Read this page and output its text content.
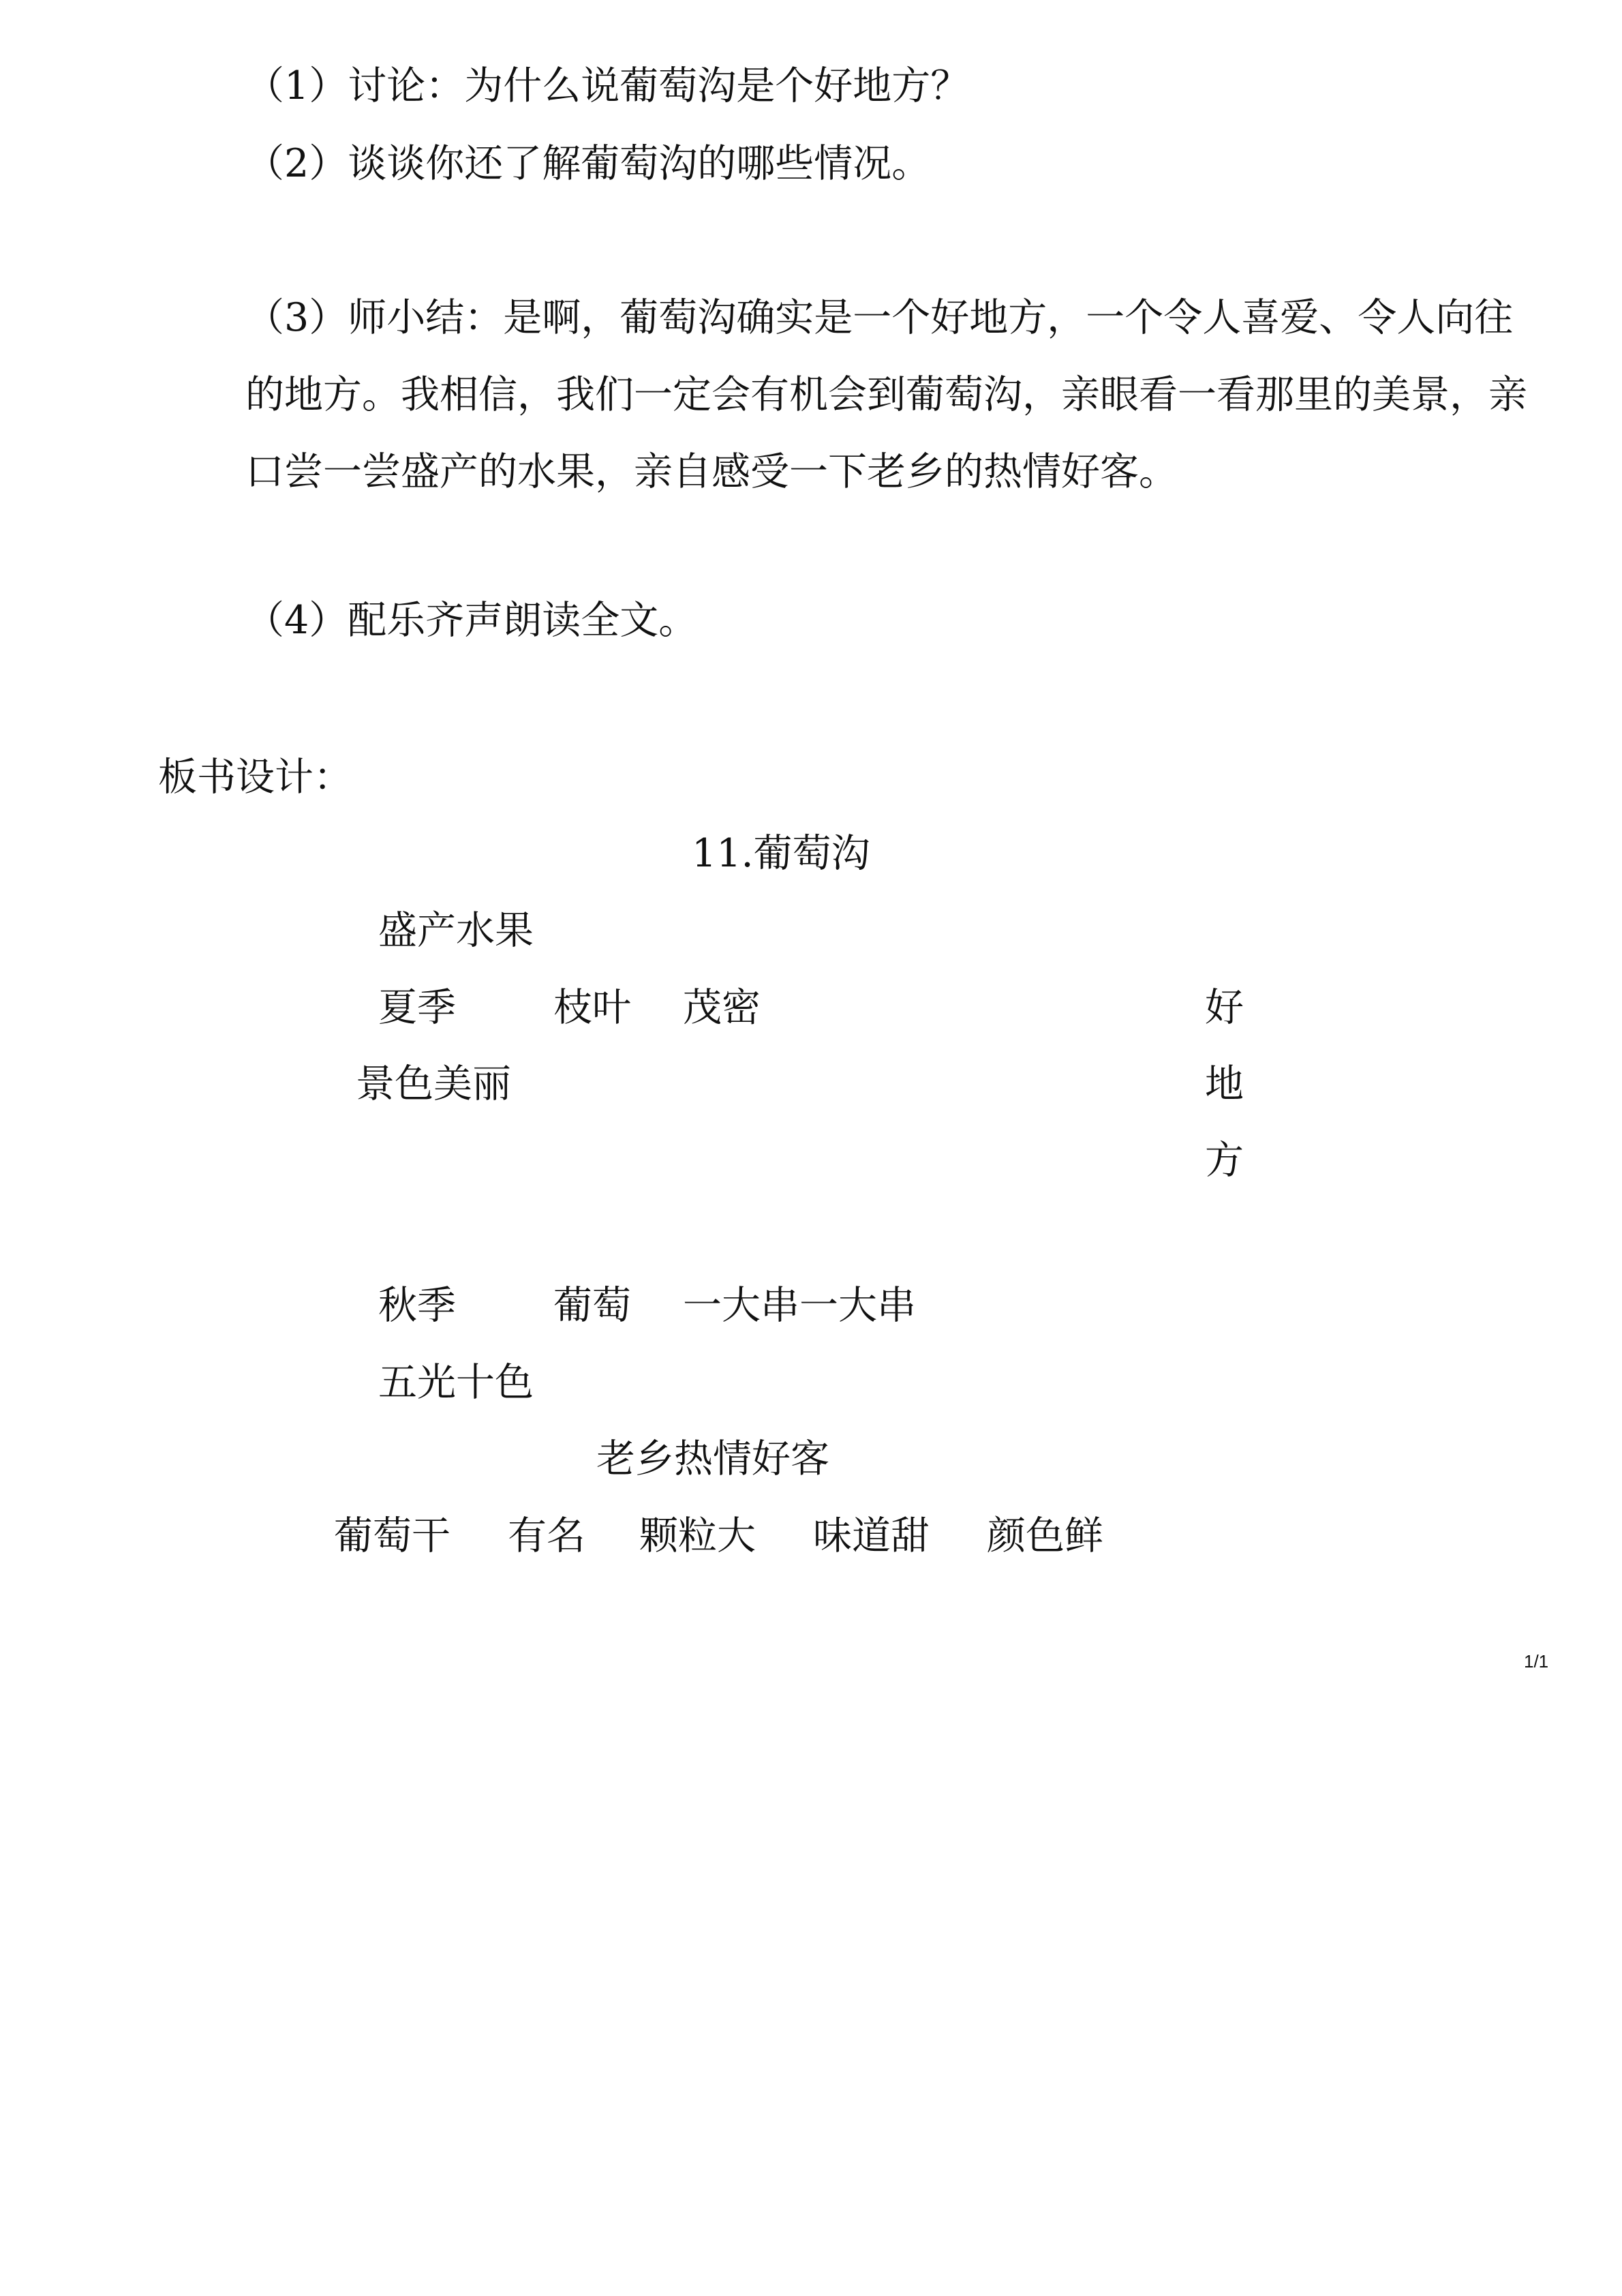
（1）讨论：为什么说葡萄沟是个好地方？
（2）谈谈你还了解葡萄沟的哪些情况。
（3）师小结：是啊，葡萄沟确实是一个好地方，一个令人喜爱、令人向往的地方。我相信，我们一定会有机会到葡萄沟，亲眼看一看那里的美景，亲口尝一尝盛产的水果，亲自感受一下老乡的热情好客。
（4）配乐齐声朗读全文。
板书设计：
11.葡萄沟
盛产水果
夏季	枝叶 茂密
景色美丽
好
地
方
秋季	葡萄 一大串一大串
五光十色
老乡热情好客
葡萄干 有名 颗粒大 味道甜 颜色鲜
1/1
